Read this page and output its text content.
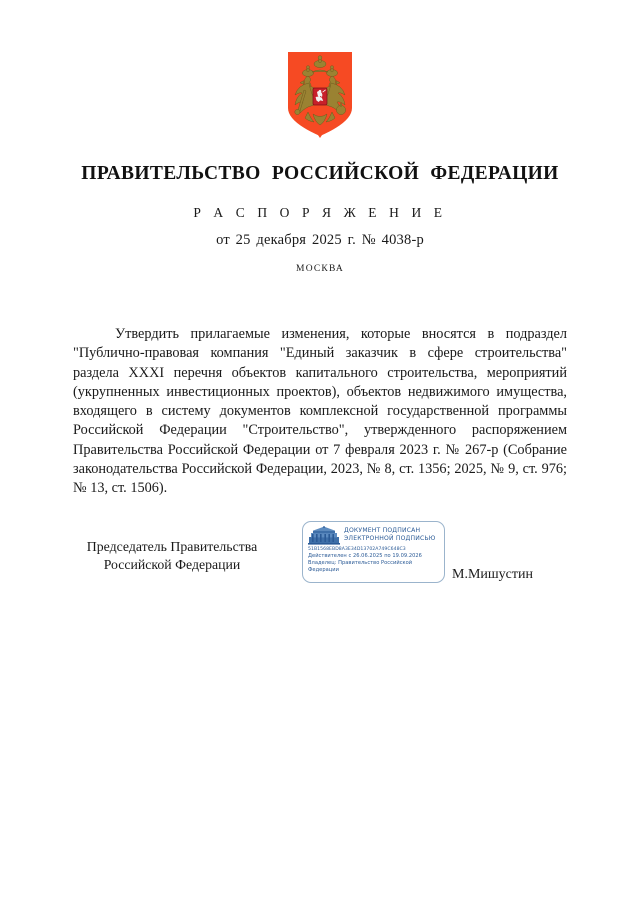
ПРАВИТЕЛЬСТВО РОССИЙСКОЙ ФЕДЕРАЦИИ
Р А С П О Р Я Ж Е Н И Е
от 25 декабря 2025 г. № 4038-р
МОСКВА
Утвердить прилагаемые изменения, которые вносятся в подраздел "Публично-правовая компания "Единый заказчик в сфере строительства" раздела XXXI перечня объектов капитального строительства, мероприятий (укрупненных инвестиционных проектов), объектов недвижимого имущества, входящего в систему документов комплексной государственной программы Российской Федерации "Строительство", утвержденного распоряжением Правительства Российской Федерации от 7 февраля 2023 г. № 267-р (Собрание законодательства Российской Федерации, 2023, № 8, ст. 1356; 2025, № 9, ст. 976; № 13, ст. 1506).
Председатель Правительства
Российской Федерации
М.Мишустин
ДОКУМЕНТ ПОДПИСАН
ЭЛЕКТРОННОЙ ПОДПИСЬЮ
51B1568EBD8A3E34D13702A749C648C3
Действителен с 26.06.2025 по 19.09.2026
Владелец: Правительство Российской
Федерации
